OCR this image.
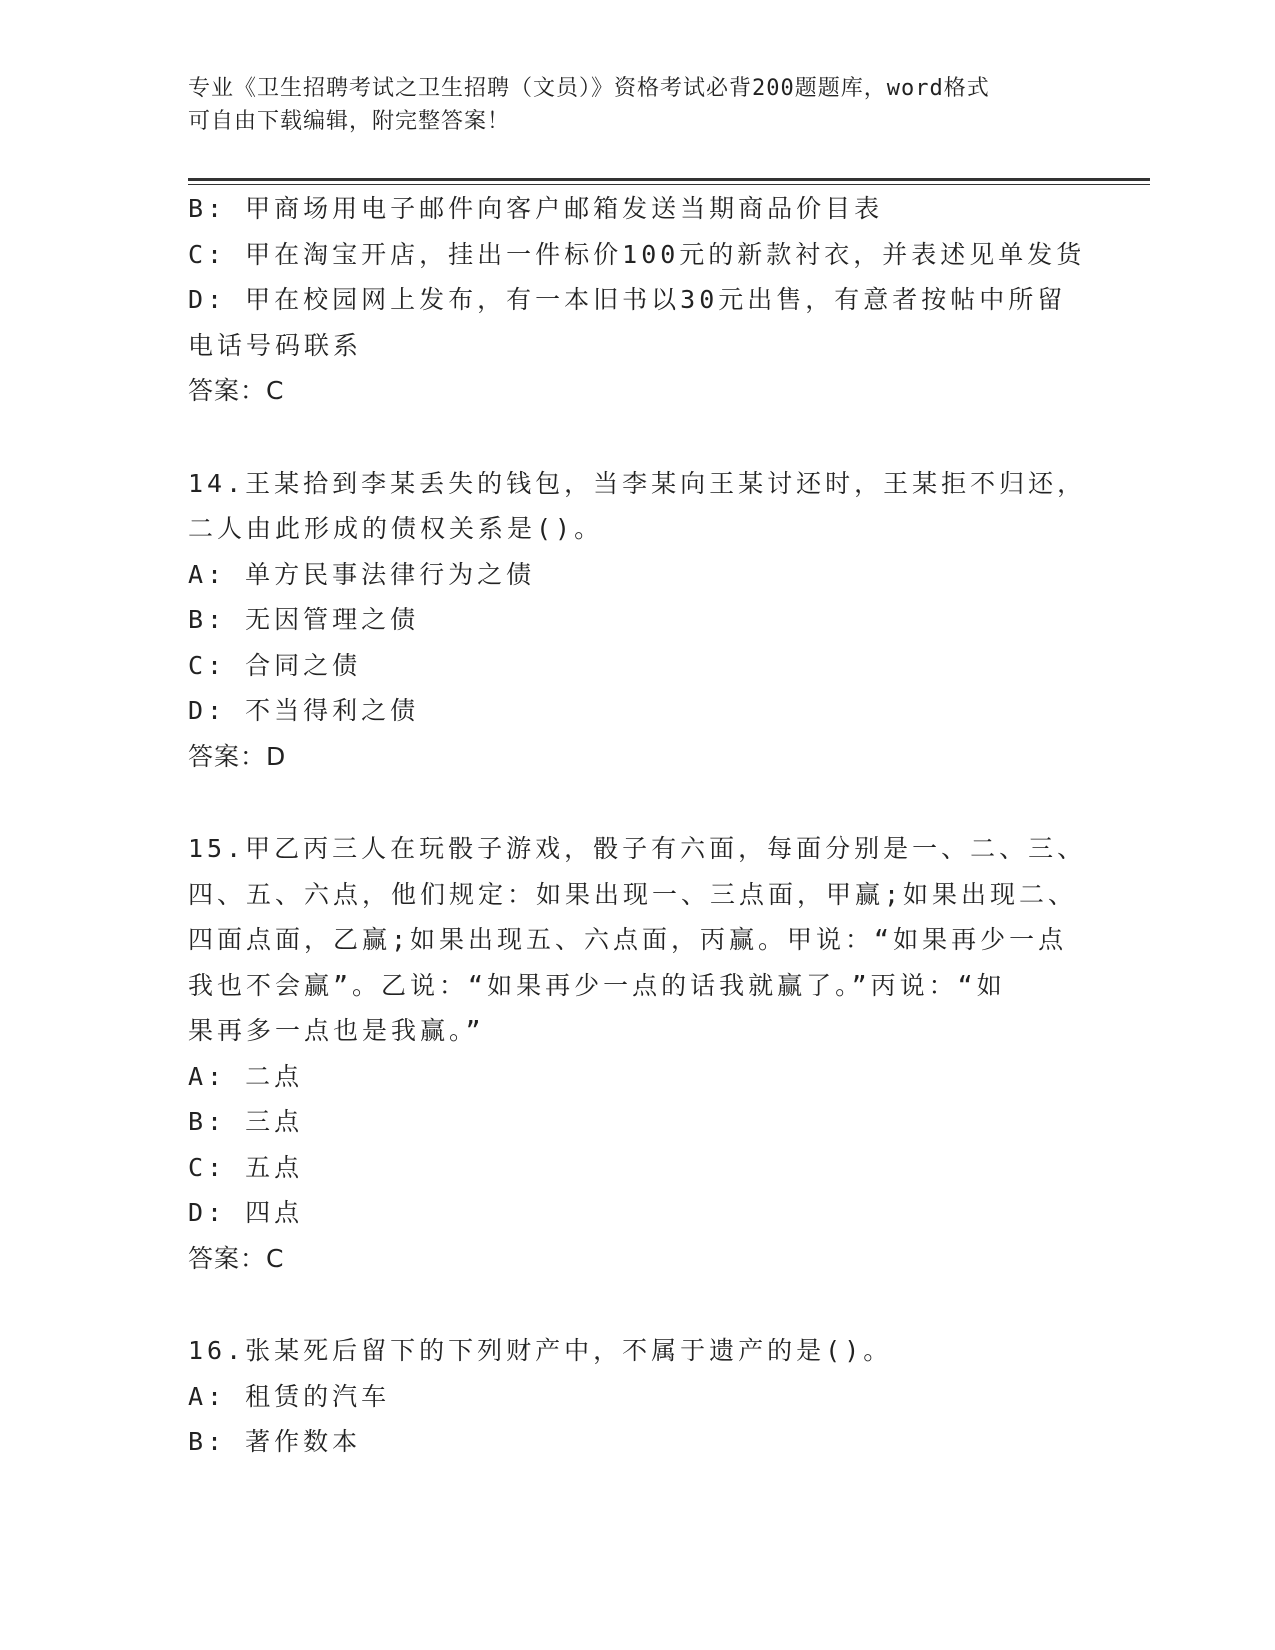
专业《卫生招聘考试之卫生招聘（文员）》资格考试必背200题题库，word格式
可自由下载编辑，附完整答案！
B: 甲商场用电子邮件向客户邮箱发送当期商品价目表
C: 甲在淘宝开店，挂出一件标价100元的新款衬衣，并表述见单发货
D: 甲在校园网上发布，有一本旧书以30元出售，有意者按帖中所留
电话号码联系
答案：C
14.王某拾到李某丢失的钱包，当李某向王某讨还时，王某拒不归还，
二人由此形成的债权关系是()。
A: 单方民事法律行为之债
B: 无因管理之债
C: 合同之债
D: 不当得利之债
答案：D
15.甲乙丙三人在玩骰子游戏，骰子有六面，每面分别是一、二、三、
四、五、六点，他们规定：如果出现一、三点面，甲赢;如果出现二、
四面点面，乙赢;如果出现五、六点面，丙赢。甲说：“如果再少一点
我也不会赢”。乙说：“如果再少一点的话我就赢了。”丙说：“如
果再多一点也是我赢。”
A: 二点
B: 三点
C: 五点
D: 四点
答案：C
16.张某死后留下的下列财产中，不属于遗产的是()。
A: 租赁的汽车
B: 著作数本
